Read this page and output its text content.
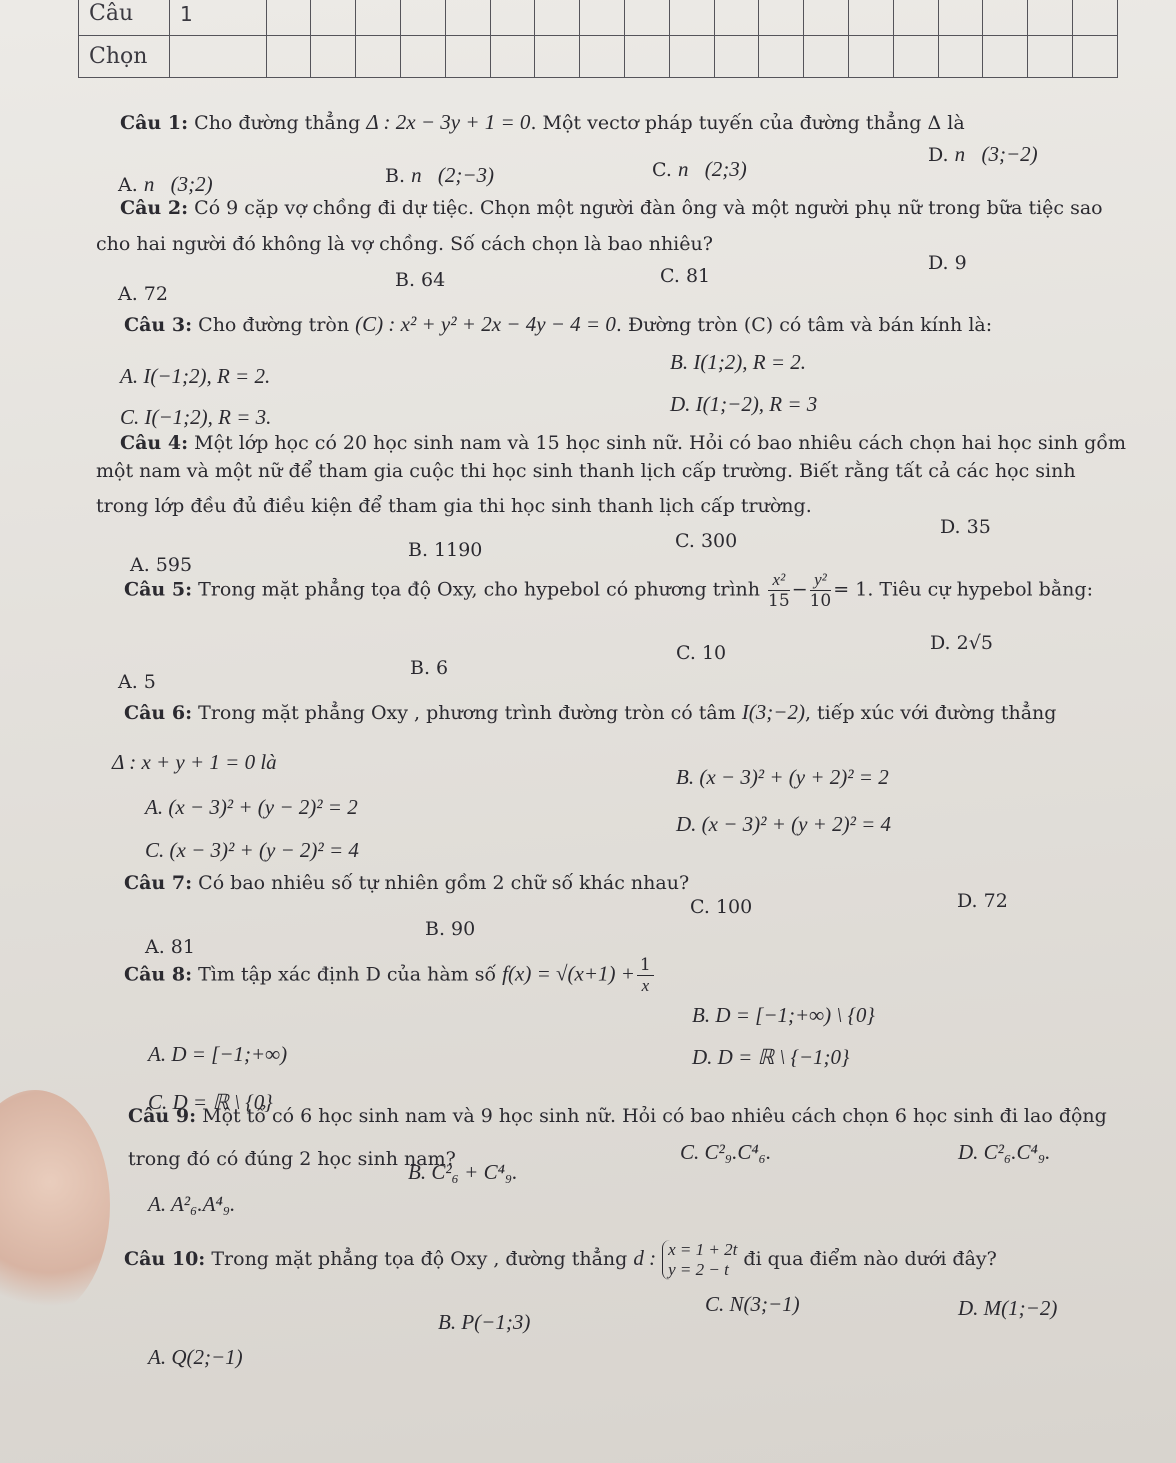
Câu	1																			
Chọn																				
Câu 1: Cho đường thẳng Δ : 2x − 3y + 1 = 0. Một vectơ pháp tuyến của đường thẳng Δ là
A. n⃗(3;2)	B. n⃗(2;−3)	C. n⃗(2;3)
D. n⃗(3;−2)
Câu 2: Có 9 cặp vợ chồng đi dự tiệc. Chọn một người đàn ông và một người phụ nữ trong bữa tiệc sao
cho hai người đó không là vợ chồng. Số cách chọn là bao nhiêu?
A. 72
B. 64	C. 81
D. 9
Câu 3: Cho đường tròn (C) : x² + y² + 2x − 4y − 4 = 0. Đường tròn (C) có tâm và bán kính là:
A. I(−1;2), R = 2.
B. I(1;2), R = 2.
C. I(−1;2), R = 3.
D. I(1;−2), R = 3
Câu 4: Một lớp học có 20 học sinh nam và 15 học sinh nữ. Hỏi có bao nhiêu cách chọn hai học sinh gồm
một nam và một nữ để tham gia cuộc thi học sinh thanh lịch cấp trường. Biết rằng tất cả các học sinh
trong lớp đều đủ điều kiện để tham gia thi học sinh thanh lịch cấp trường.
A. 595
B. 1190	C. 300
D. 35
Câu 5: Trong mặt phẳng tọa độ Oxy, cho hypebol có phương trình $\frac{\text{x²}}{15} - \frac{\text{y²}}{10} = 1$. Tiêu cự hypebol bằng:
A. 5
B. 6
C. 10	D. 2√5
Câu 6: Trong mặt phẳng Oxy , phương trình đường tròn có tâm I(3;−2), tiếp xúc với đường thẳng
Δ : x + y + 1 = 0 là
A. (x − 3)² + (y − 2)² = 2
B. (x − 3)² + (y + 2)² = 2
C. (x − 3)² + (y − 2)² = 4
D. (x − 3)² + (y + 2)² = 4
Câu 7: Có bao nhiêu số tự nhiên gồm 2 chữ số khác nhau?
A. 81
B. 90
C. 100	D. 72
Câu 8: Tìm tập xác định D của hàm số $f(x) = √(x+1) + \frac{1}{x}$
B. D = [−1;+∞) \ {0}
A. D = [−1;+∞)	D. D = ℝ \ {−1;0}
C. D = ℝ \ {0}
Câu 9: Một tổ có 6 học sinh nam và 9 học sinh nữ. Hỏi có bao nhiêu cách chọn 6 học sinh đi lao động
trong đó có đúng 2 học sinh nam?
A. A²₆.A⁴₉.
B. C²₆ + C⁴₉.
C. C²₉.C⁴₆.	D. C²₆.C⁴₉.
Câu 10: Trong mặt phẳng tọa độ Oxy , đường thẳng d : x = 1 + 2t
y = 2 − t đi qua điểm nào dưới đây?
A. Q(2;−1)
B. P(−1;3)
C. N(3;−1)	D. M(1;−2)
